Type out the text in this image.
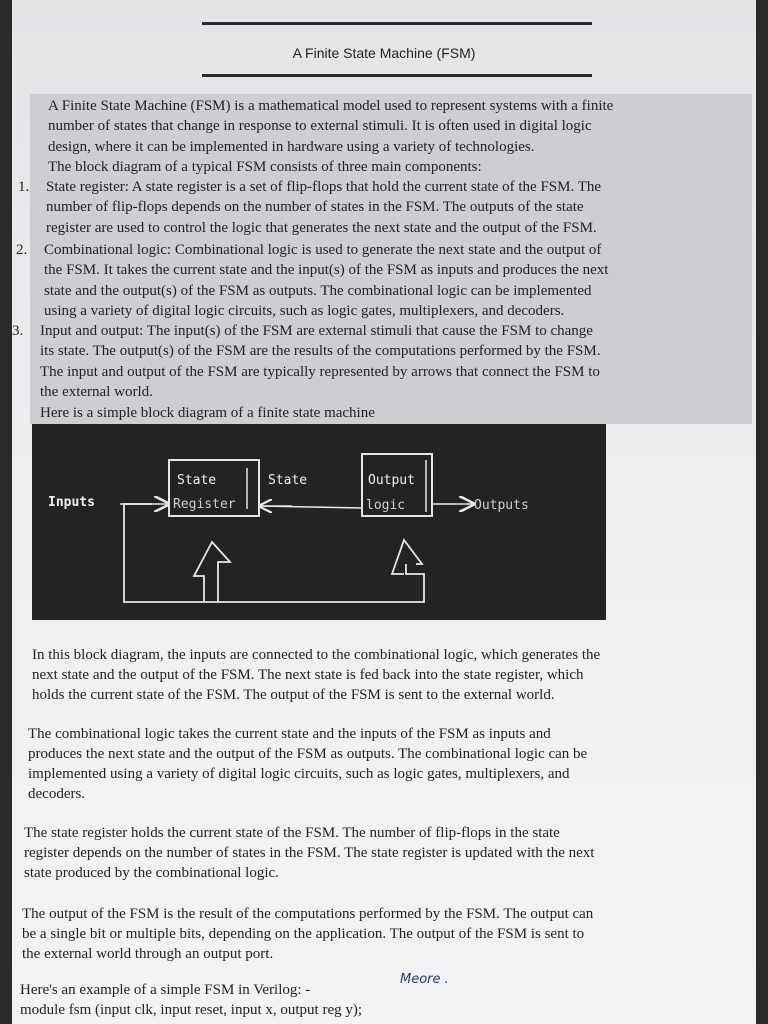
A Finite State Machine (FSM)
A Finite State Machine (FSM) is a mathematical model used to represent systems with a finite
number of states that change in response to external stimuli. It is often used in digital logic
design, where it can be implemented in hardware using a variety of technologies.
The block diagram of a typical FSM consists of three main components:
1. State register: A state register is a set of flip-flops that hold the current state of the FSM. The
number of flip-flops depends on the number of states in the FSM. The outputs of the state
register are used to control the logic that generates the next state and the output of the FSM.
2. Combinational logic: Combinational logic is used to generate the next state and the output of
the FSM. It takes the current state and the input(s) of the FSM as inputs and produces the next
state and the output(s) of the FSM as outputs. The combinational logic can be implemented
using a variety of digital logic circuits, such as logic gates, multiplexers, and decoders.
3. Input and output: The input(s) of the FSM are external stimuli that cause the FSM to change
its state. The output(s) of the FSM are the results of the computations performed by the FSM.
The input and output of the FSM are typically represented by arrows that connect the FSM to
the external world.
Here is a simple block diagram of a finite state machine
State
Register
State	Output
logic
Inputs	Outputs
In this block diagram, the inputs are connected to the combinational logic, which generates the
next state and the output of the FSM. The next state is fed back into the state register, which
holds the current state of the FSM. The output of the FSM is sent to the external world.
The combinational logic takes the current state and the inputs of the FSM as inputs and
produces the next state and the output of the FSM as outputs. The combinational logic can be
implemented using a variety of digital logic circuits, such as logic gates, multiplexers, and
decoders.
The state register holds the current state of the FSM. The number of flip-flops in the state
register depends on the number of states in the FSM. The state register is updated with the next
state produced by the combinational logic.
The output of the FSM is the result of the computations performed by the FSM. The output can
be a single bit or multiple bits, depending on the application. The output of the FSM is sent to
the external world through an output port.
Here's an example of a simple FSM in Verilog: -
Meore .
module fsm (input clk, input reset, input x, output reg y);
